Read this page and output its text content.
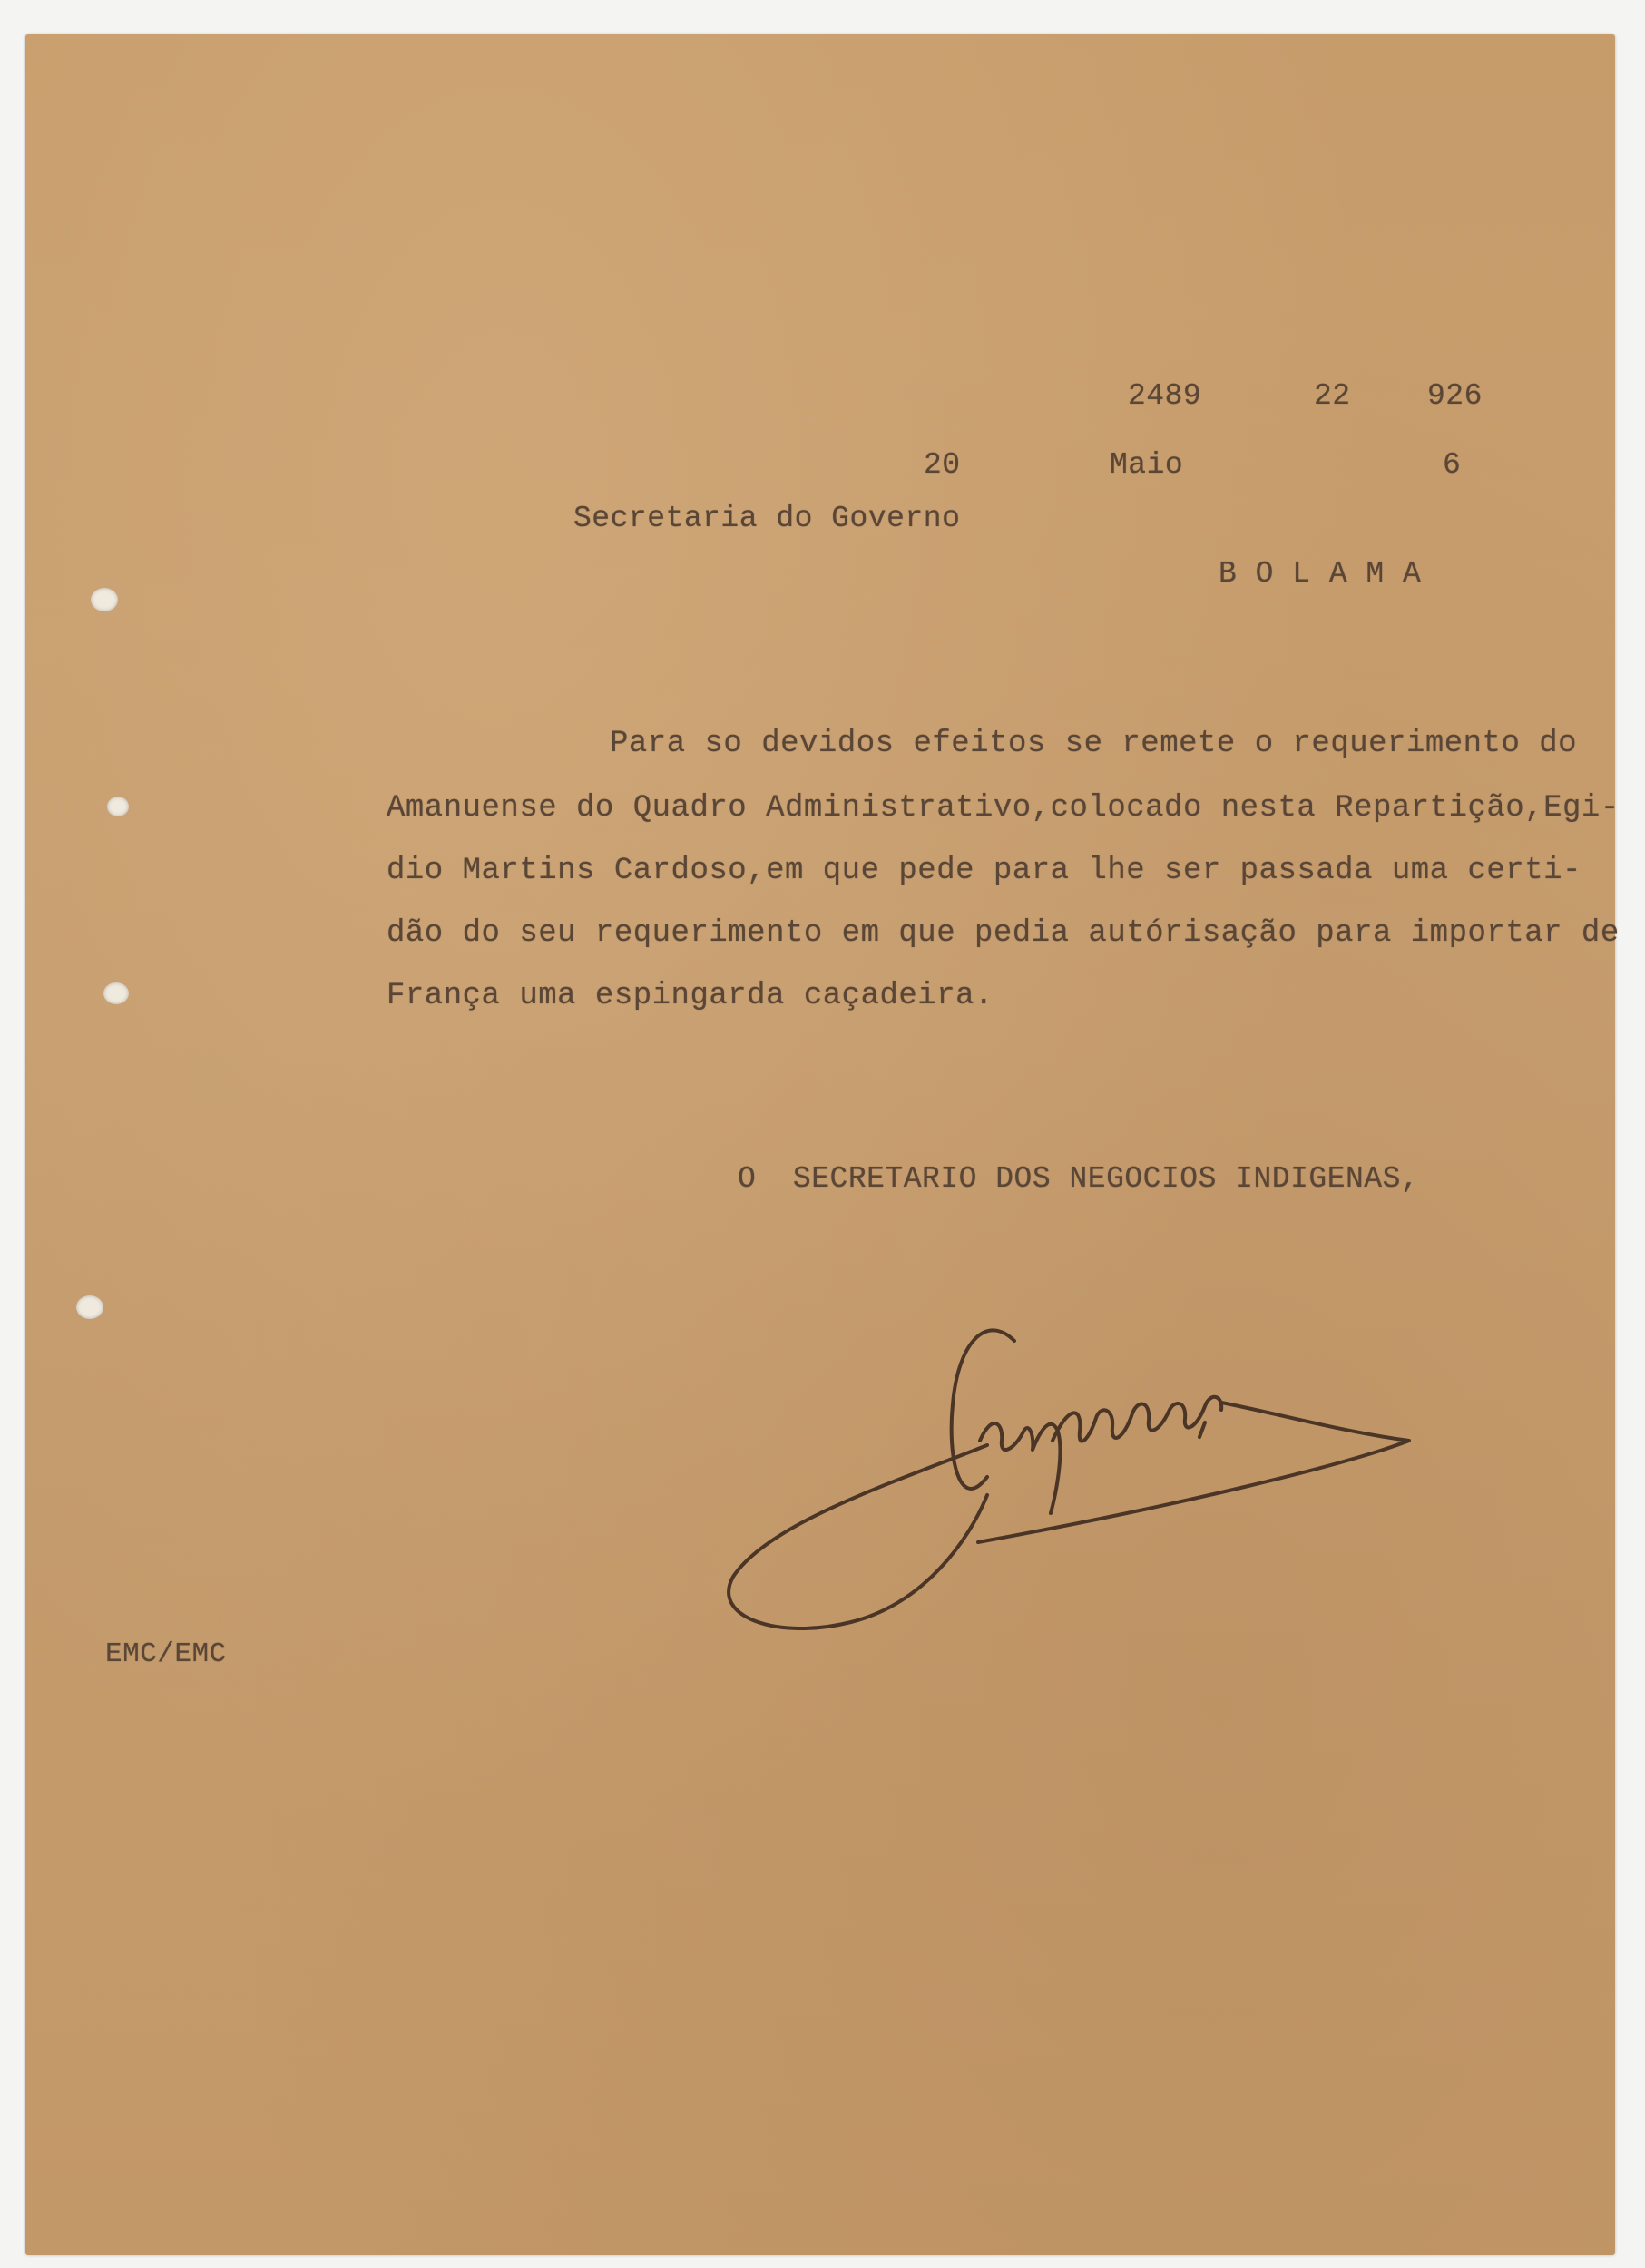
2489	22	926
20	Maio	6
Secretaria do Governo
B O L A M A
Para so devidos efeitos se remete o requerimento do
Amanuense do Quadro Administrativo,colocado nesta Repartição,Egi-
dio Martins Cardoso,em que pede para lhe ser passada uma certi-
dão do seu requerimento em que pedia autórisação para importar de
França uma espingarda caçadeira.
O  SECRETARIO DOS NEGOCIOS INDIGENAS,
EMC/EMC
